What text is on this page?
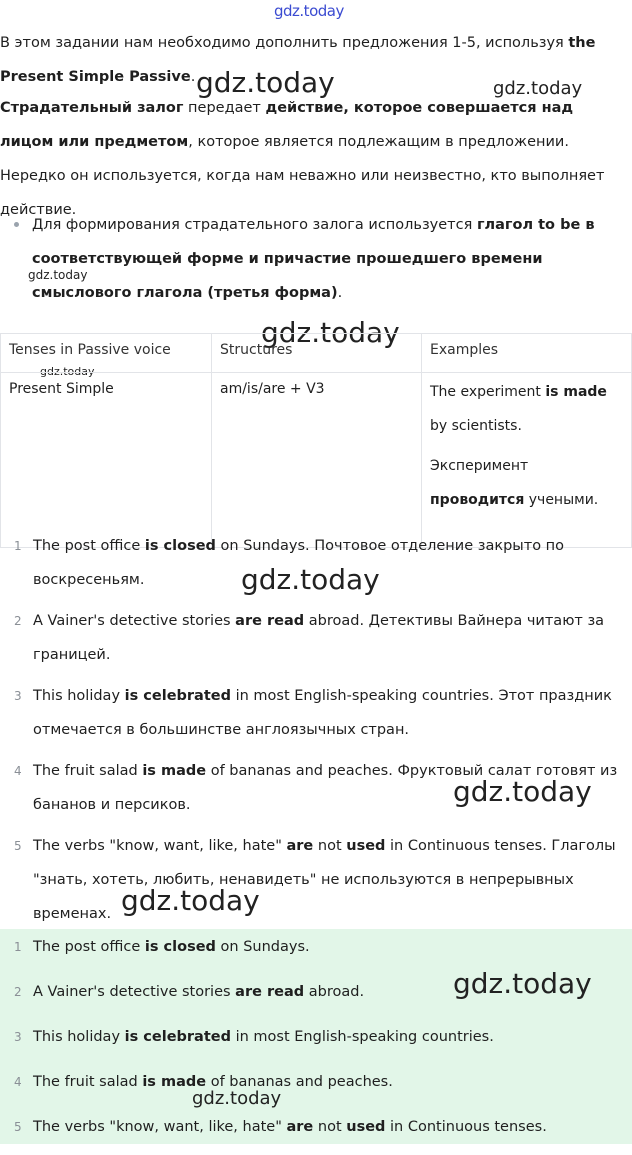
gdz.today
gdz.today	gdz.today
gdz.today
gdz.today
gdz.today
В этом задании нам необходимо дополнить предложения 1-5, используя the Present Simple Passive.
Страдательный залог передает действие, которое совершается над лицом или предметом, которое является подлежащим в предложении. Нередко он используется, когда нам неважно или неизвестно, кто выполняет действие.
Для формирования страдательного залога используется глагол to be в соответствующей форме и причастие прошедшего времени смыслового глагола (третья форма).
Tenses in Passive voice	Structures	Examples
Present Simple	am/is/are + V3	The experiment is made by scientists.
Эксперимент проводится учеными.
1 The post office is closed on Sundays. Почтовое отделение закрыто по воскресеньям.
2 A Vainer's detective stories are read abroad. Детективы Вайнера читают за границей.
3 This holiday is celebrated in most English-speaking countries. Этот праздник отмечается в большинстве англоязычных стран.
4 The fruit salad is made of bananas and peaches. Фруктовый салат готовят из бананов и персиков.
5 The verbs "know, want, like, hate" are not used in Continuous tenses. Глаголы "знать, хотеть, любить, ненавидеть" не используются в непрерывных временах.
gdz.today
gdz.today
gdz.today
1 The post office is closed on Sundays.
2 A Vainer's detective stories are read abroad.
3 This holiday is celebrated in most English-speaking countries.
4 The fruit salad is made of bananas and peaches.
5 The verbs "know, want, like, hate" are not used in Continuous tenses.
gdz.today
gdz.today
